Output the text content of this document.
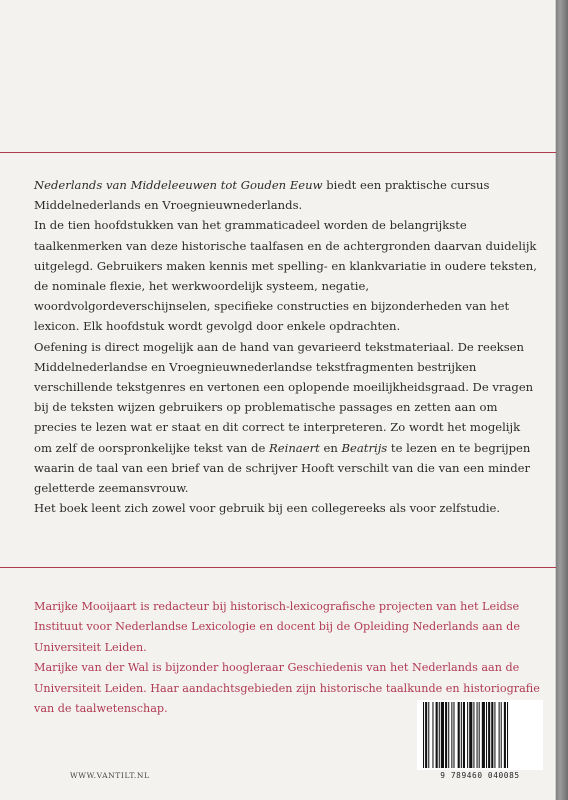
Nederlands van Middeleeuwen tot Gouden Eeuw biedt een praktische cursus Middelnederlands en Vroegnieuwnederlands.

In de tien hoofdstukken van het grammaticadeel worden de belangrijkste taalkenmerken van deze historische taalfasen en de achtergronden daarvan duidelijk uitgelegd. Gebruikers maken kennis met spelling- en klankvariatie in oudere teksten, de nominale flexie, het werkwoordelijk systeem, negatie, woordvolgordeverschijnselen, specifieke constructies en bijzonderheden van het lexicon. Elk hoofdstuk wordt gevolgd door enkele opdrachten.

Oefening is direct mogelijk aan de hand van gevarieerd tekstmateriaal. De reeksen Middelnederlandse en Vroegnieuwnederlandse tekstfragmenten bestrijken verschillende tekstgenres en vertonen een oplopende moeilijkheidsgraad. De vragen bij de teksten wijzen gebruikers op problematische passages en zetten aan om precies te lezen wat er staat en dit correct te interpreteren. Zo wordt het mogelijk om zelf de oorspronkelijke tekst van de Reinaert en Beatrijs te lezen en te begrijpen waarin de taal van een brief van de schrijver Hooft verschilt van die van een minder geletterde zeemansvrouw.

Het boek leent zich zowel voor gebruik bij een collegereeks als voor zelfstudie.

Marijke Mooijaart is redacteur bij historisch-lexicografische projecten van het Leidse Instituut voor Nederlandse Lexicologie en docent bij de Opleiding Nederlands aan de Universiteit Leiden.

Marijke van der Wal is bijzonder hoogleraar Geschiedenis van het Nederlands aan de Universiteit Leiden. Haar aandachtsgebieden zijn historische taalkunde en historiografie van de taalwetenschap.

WWW.VANTILT.NL	9 789460 040085
